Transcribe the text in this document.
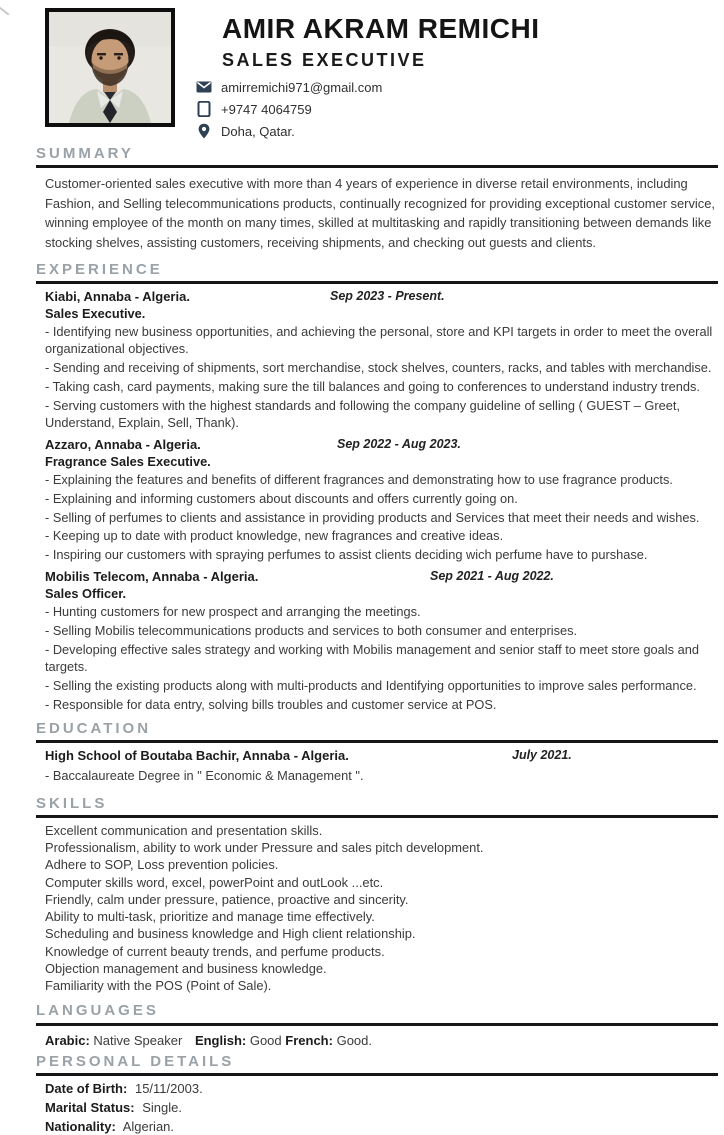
AMIR AKRAM REMICHI
SALES EXECUTIVE
amirremichi971@gmail.com
+9747 4064759
Doha, Qatar.
SUMMARY

Customer-oriented sales executive with more than 4 years of experience in diverse retail environments, including Fashion, and Selling telecommunications products, continually recognized for providing exceptional customer service, winning employee of the month on many times, skilled at multitasking and rapidly transitioning between demands like stocking shelves, assisting customers, receiving shipments, and checking out guests and clients.

EXPERIENCE
Kiabi, Annaba - Algeria.	Sep 2023 - Present.
Sales Executive.
- Identifying new business opportunities, and achieving the personal, store and KPI targets in order to meet the overall organizational objectives.
- Sending and receiving of shipments, sort merchandise, stock shelves, counters, racks, and tables with merchandise.
- Taking cash, card payments, making sure the till balances and going to conferences to understand industry trends.
- Serving customers with the highest standards and following the company guideline of selling ( GUEST – Greet, Understand, Explain, Sell, Thank).
Azzaro, Annaba - Algeria.	Sep 2022 - Aug 2023.
Fragrance Sales Executive.
- Explaining the features and benefits of different fragrances and demonstrating how to use fragrance products.
- Explaining and informing customers about discounts and offers currently going on.
- Selling of perfumes to clients and assistance in providing products and Services that meet their needs and wishes.
- Keeping up to date with product knowledge, new fragrances and creative ideas.
- Inspiring our customers with spraying perfumes to assist clients deciding wich perfume have to purshase.
Mobilis Telecom, Annaba - Algeria.	Sep 2021 - Aug 2022.
Sales Officer.
- Hunting customers for new prospect and arranging the meetings.
- Selling Mobilis telecommunications products and services to both consumer and enterprises.
- Developing effective sales strategy and working with Mobilis management and senior staff to meet store goals and targets.
- Selling the existing products along with multi-products and Identifying opportunities to improve sales performance.
- Responsible for data entry, solving bills troubles and customer service at POS.
EDUCATION
High School of Boutaba Bachir, Annaba - Algeria.	July 2021.
- Baccalaureate Degree in " Economic & Management ".
SKILLS
Excellent communication and presentation skills.
Professionalism, ability to work under Pressure and sales pitch development.
Adhere to SOP, Loss prevention policies.
Computer skills word, excel, powerPoint and outLook ...etc.
Friendly, calm under pressure, patience, proactive and sincerity.
Ability to multi-task, prioritize and manage time effectively.
Scheduling and business knowledge and High client relationship.
Knowledge of current beauty trends, and perfume products.
Objection management and business knowledge.
Familiarity with the POS (Point of Sale).
LANGUAGES
Arabic: Native Speaker English: Good French: Good.
PERSONAL DETAILS
Date of Birth: 15/11/2003.
Marital Status: Single.
Nationality: Algerian.
